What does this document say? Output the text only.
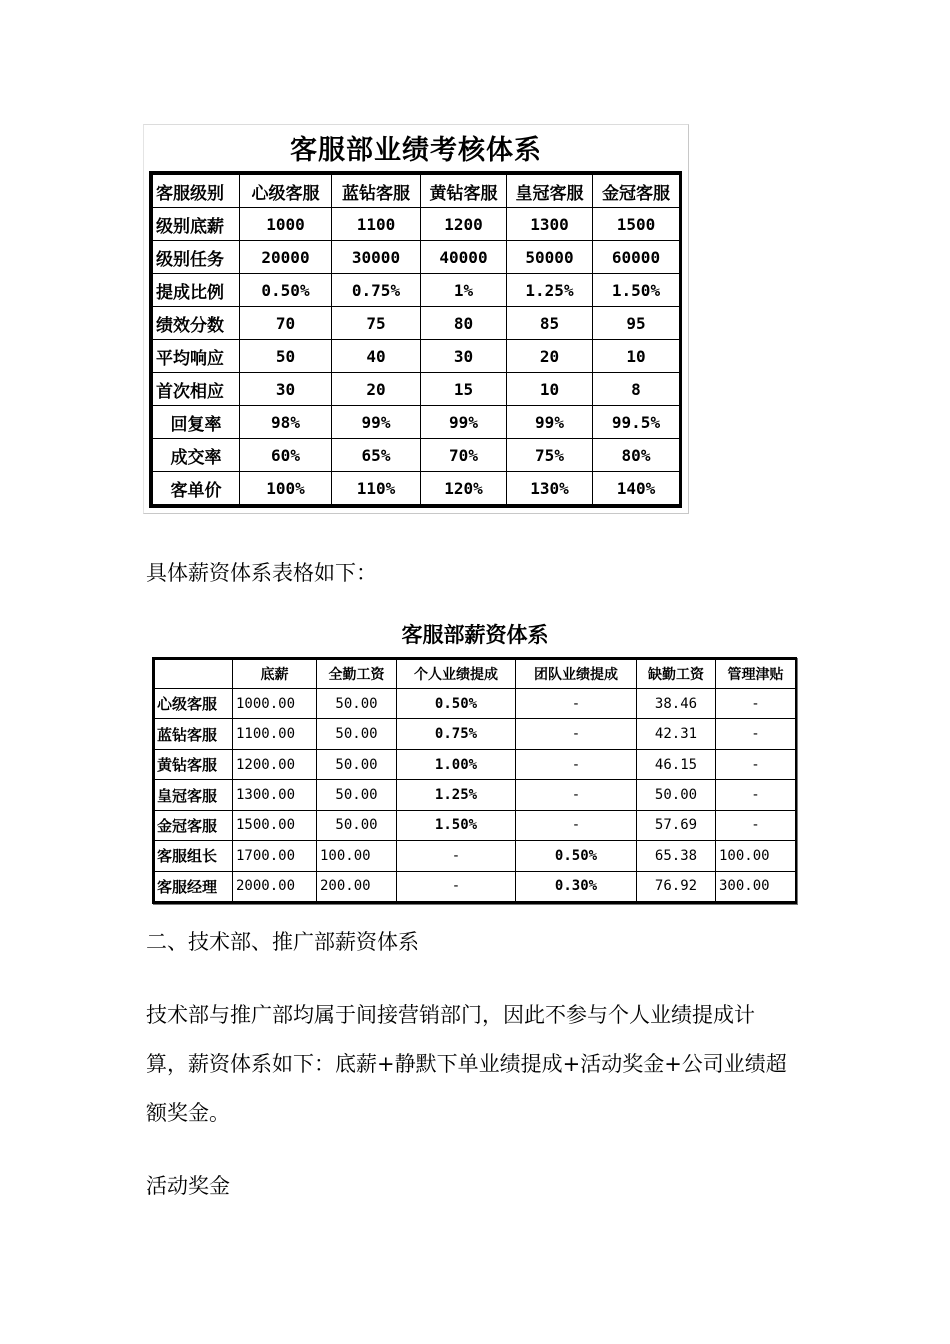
客服部业绩考核体系
客服级别	心级客服	蓝钻客服	黄钻客服	皇冠客服	金冠客服
级别底薪	1000	1100	1200	1300	1500
级别任务	20000	30000	40000	50000	60000
提成比例	0.50%	0.75%	1%	1.25%	1.50%
绩效分数	70	75	80	85	95
平均响应	50	40	30	20	10
首次相应	30	20	15	10	8
回复率	98%	99%	99%	99%	99.5%
成交率	60%	65%	70%	75%	80%
客单价	100%	110%	120%	130%	140%
具体薪资体系表格如下：
客服部薪资体系
	底薪	全勤工资	个人业绩提成	团队业绩提成	缺勤工资	管理津贴
心级客服	1000.00	50.00	0.50%	-	38.46	-
蓝钻客服	1100.00	50.00	0.75%	-	42.31	-
黄钻客服	1200.00	50.00	1.00%	-	46.15	-
皇冠客服	1300.00	50.00	1.25%	-	50.00	-
金冠客服	1500.00	50.00	1.50%	-	57.69	-
客服组长	1700.00	100.00	-	0.50%	65.38	100.00
客服经理	2000.00	200.00	-	0.30%	76.92	300.00
二、技术部、推广部薪资体系
技术部与推广部均属于间接营销部门，因此不参与个人业绩提成计
算，薪资体系如下：底薪+静默下单业绩提成+活动奖金+公司业绩超
额奖金。
活动奖金
